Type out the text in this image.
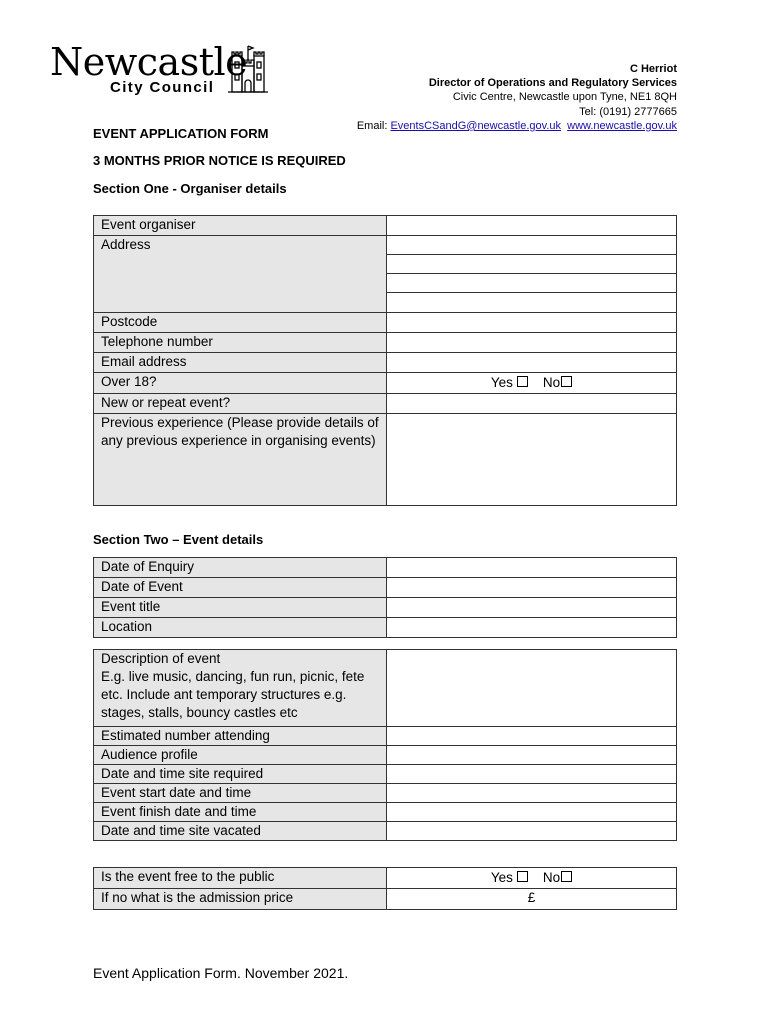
Newcastle
City Council
C Herriot
Director of Operations and Regulatory Services
Civic Centre, Newcastle upon Tyne, NE1 8QH
Tel: (0191) 2777665
Email: EventsCSandG@newcastle.gov.uk www.newcastle.gov.uk
EVENT APPLICATION FORM
3 MONTHS PRIOR NOTICE IS REQUIRED
Section One - Organiser details
Event organiser	
Address	

Postcode	
Telephone number	
Email address	
Over 18?	Yes No
New or repeat event?	
Previous experience (Please provide details of any previous experience in organising events)	
Section Two – Event details
Date of Enquiry	
Date of Event	
Event title	
Location	
Description of event
E.g. live music, dancing, fun run, picnic, fete etc. Include ant temporary structures e.g. stages, stalls, bouncy castles etc	

Estimated number attending	
Audience profile	
Date and time site required	
Event start date and time	
Event finish date and time	
Date and time site vacated	
Is the event free to the public	Yes No
If no what is the admission price	£
Event Application Form. November 2021.
